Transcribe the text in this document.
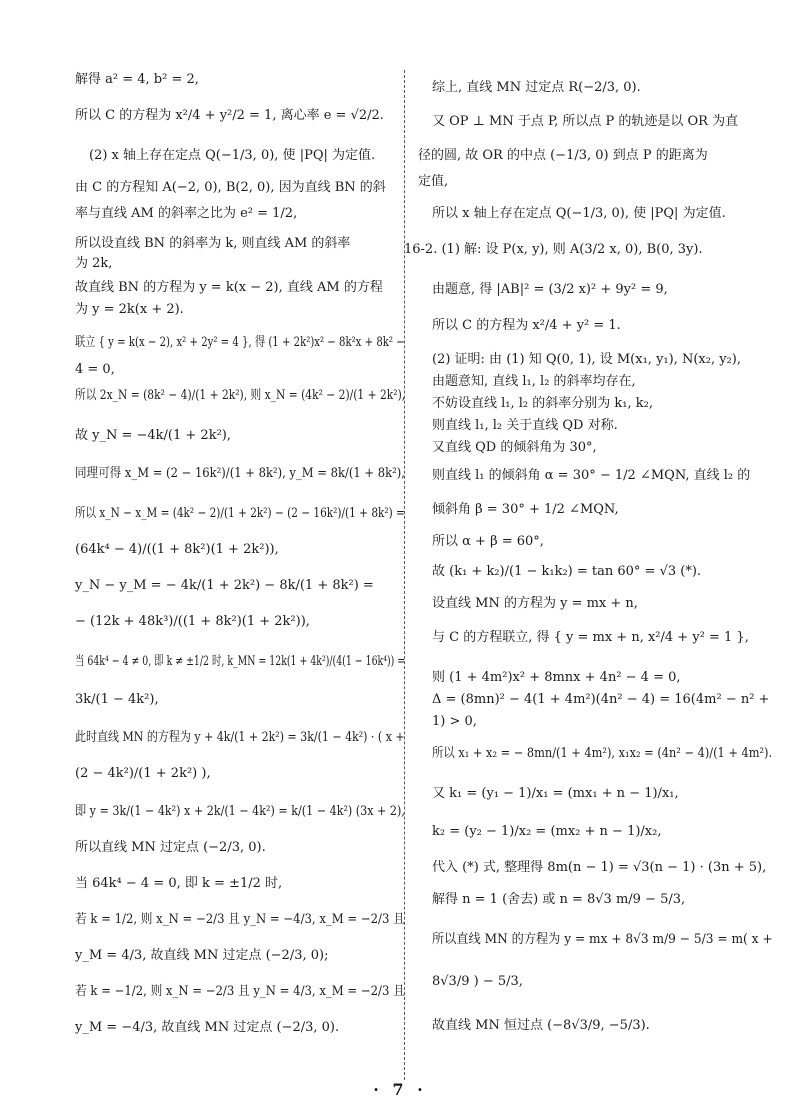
解得 a² = 4, b² = 2,
所以 C 的方程为 x²/4 + y²/2 = 1, 离心率 e = √2/2.
(2) x 轴上存在定点 Q(−1/3, 0), 使 |PQ| 为定值.
由 C 的方程知 A(−2, 0), B(2, 0), 因为直线 BN 的斜
率与直线 AM 的斜率之比为 e² = 1/2,
所以设直线 BN 的斜率为 k, 则直线 AM 的斜率
为 2k,
故直线 BN 的方程为 y = k(x − 2), 直线 AM 的方程
为 y = 2k(x + 2).
联立 { y = k(x − 2), x² + 2y² = 4 }, 得 (1 + 2k²)x² − 8k²x + 8k² −
4 = 0,
所以 2x_N = (8k² − 4)/(1 + 2k²), 则 x_N = (4k² − 2)/(1 + 2k²),
故 y_N = −4k/(1 + 2k²),
同理可得 x_M = (2 − 16k²)/(1 + 8k²), y_M = 8k/(1 + 8k²),
所以 x_N − x_M = (4k² − 2)/(1 + 2k²) − (2 − 16k²)/(1 + 8k²) =
(64k⁴ − 4)/((1 + 8k²)(1 + 2k²)),
y_N − y_M = − 4k/(1 + 2k²) − 8k/(1 + 8k²) =
− (12k + 48k³)/((1 + 8k²)(1 + 2k²)),
当 64k⁴ − 4 ≠ 0, 即 k ≠ ±1/2 时, k_MN = 12k(1 + 4k²)/(4(1 − 16k⁴)) =
3k/(1 − 4k²),
此时直线 MN 的方程为 y + 4k/(1 + 2k²) = 3k/(1 − 4k²) · ( x +
(2 − 4k²)/(1 + 2k²) ),
即 y = 3k/(1 − 4k²) x + 2k/(1 − 4k²) = k/(1 − 4k²) (3x + 2),
所以直线 MN 过定点 (−2/3, 0).
当 64k⁴ − 4 = 0, 即 k = ±1/2 时,
若 k = 1/2, 则 x_N = −2/3 且 y_N = −4/3, x_M = −2/3 且
y_M = 4/3, 故直线 MN 过定点 (−2/3, 0);
若 k = −1/2, 则 x_N = −2/3 且 y_N = 4/3, x_M = −2/3 且
y_M = −4/3, 故直线 MN 过定点 (−2/3, 0).
综上, 直线 MN 过定点 R(−2/3, 0).
又 OP ⊥ MN 于点 P, 所以点 P 的轨迹是以 OR 为直
径的圆, 故 OR 的中点 (−1/3, 0) 到点 P 的距离为
定值,
所以 x 轴上存在定点 Q(−1/3, 0), 使 |PQ| 为定值.
16-2. (1) 解: 设 P(x, y), 则 A(3/2 x, 0), B(0, 3y).
由题意, 得 |AB|² = (3/2 x)² + 9y² = 9,
所以 C 的方程为 x²/4 + y² = 1.
(2) 证明: 由 (1) 知 Q(0, 1), 设 M(x₁, y₁), N(x₂, y₂),
由题意知, 直线 l₁, l₂ 的斜率均存在,
不妨设直线 l₁, l₂ 的斜率分别为 k₁, k₂,
则直线 l₁, l₂ 关于直线 QD 对称.
又直线 QD 的倾斜角为 30°,
则直线 l₁ 的倾斜角 α = 30° − 1/2 ∠MQN, 直线 l₂ 的
倾斜角 β = 30° + 1/2 ∠MQN,
所以 α + β = 60°,
故 (k₁ + k₂)/(1 − k₁k₂) = tan 60° = √3 (*).
设直线 MN 的方程为 y = mx + n,
与 C 的方程联立, 得 { y = mx + n, x²/4 + y² = 1 },
则 (1 + 4m²)x² + 8mnx + 4n² − 4 = 0,
Δ = (8mn)² − 4(1 + 4m²)(4n² − 4) = 16(4m² − n² +
1) > 0,
所以 x₁ + x₂ = − 8mn/(1 + 4m²), x₁x₂ = (4n² − 4)/(1 + 4m²).
又 k₁ = (y₁ − 1)/x₁ = (mx₁ + n − 1)/x₁,
k₂ = (y₂ − 1)/x₂ = (mx₂ + n − 1)/x₂,
代入 (*) 式, 整理得 8m(n − 1) = √3(n − 1) · (3n + 5),
解得 n = 1 (舍去) 或 n = 8√3 m/9 − 5/3,
所以直线 MN 的方程为 y = mx + 8√3 m/9 − 5/3 = m( x +
8√3/9 ) − 5/3,
故直线 MN 恒过点 (−8√3/9, −5/3).
· 7 ·
